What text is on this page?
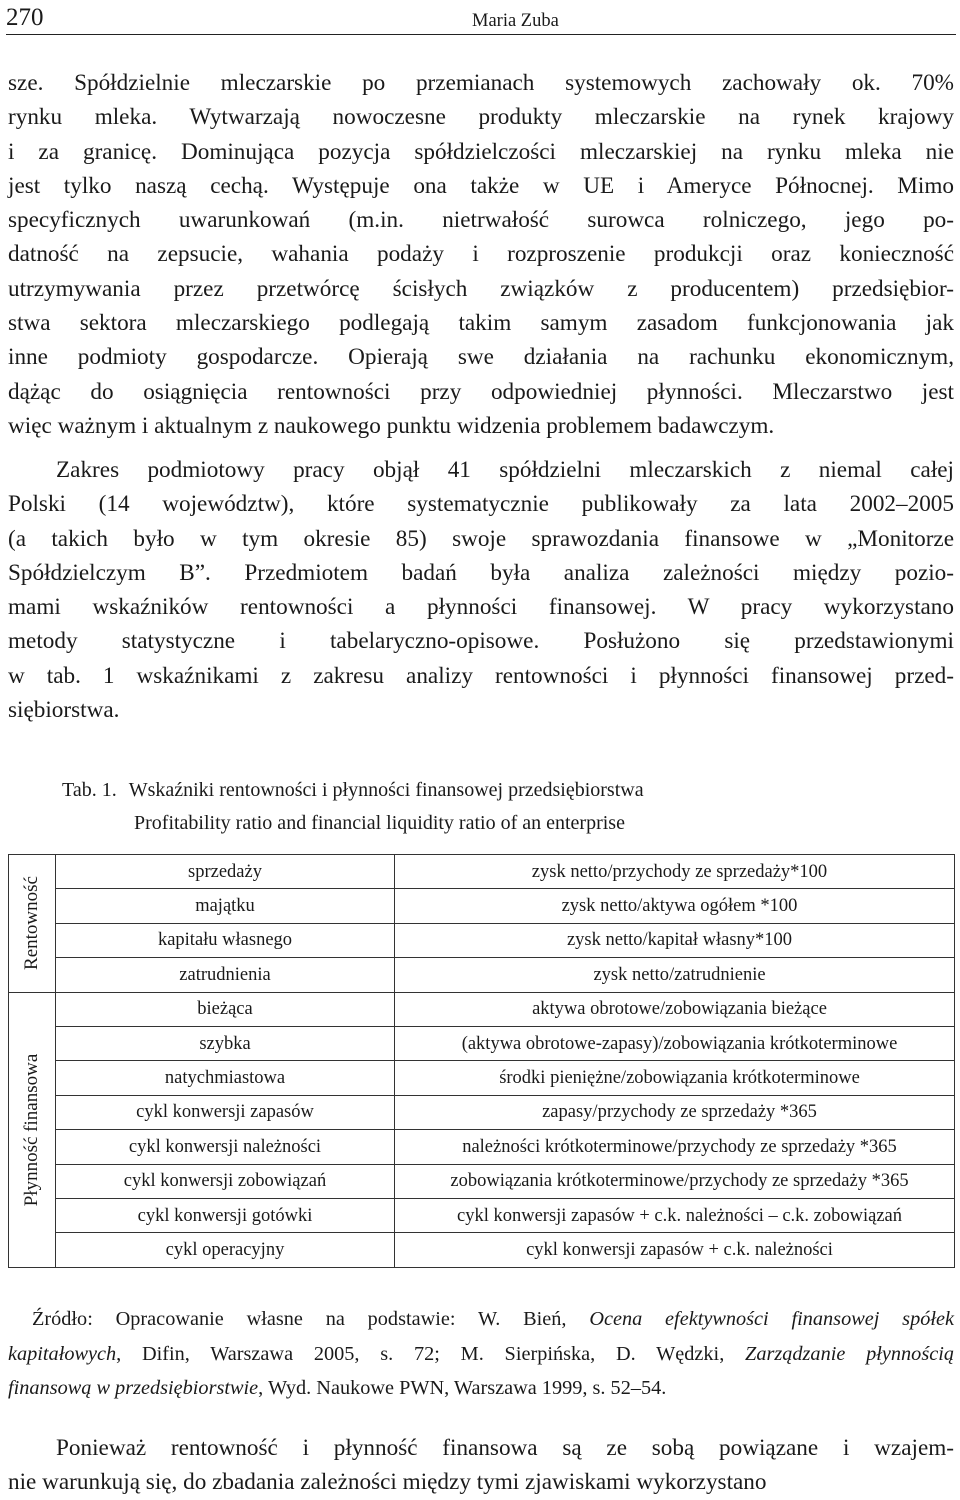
270	Maria Zuba

sze. Spółdzielnie mleczarskie po przemianach systemowych zachowały ok. 70%
rynku mleka. Wytwarzają nowoczesne produkty mleczarskie na rynek krajowy
i za granicę. Dominująca pozycja spółdzielczości mleczarskiej na rynku mleka nie
jest tylko naszą cechą. Występuje ona także w UE i Ameryce Północnej. Mimo
specyficznych uwarunkowań (m.in. nietrwałość surowca rolniczego, jego po-
datność na zepsucie, wahania podaży i rozproszenie produkcji oraz konieczność
utrzymywania przez przetwórcę ścisłych związków z producentem) przedsiębior-
stwa sektora mleczarskiego podlegają takim samym zasadom funkcjonowania jak
inne podmioty gospodarcze. Opierają swe działania na rachunku ekonomicznym,
dążąc do osiągnięcia rentowności przy odpowiedniej płynności. Mleczarstwo jest
więc ważnym i aktualnym z naukowego punktu widzenia problemem badawczym.

Zakres podmiotowy pracy objął 41 spółdzielni mleczarskich z niemal całej
Polski (14 województw), które systematycznie publikowały za lata 2002–2005
(a takich było w tym okresie 85) swoje sprawozdania finansowe w „Monitorze
Spółdzielczym B”. Przedmiotem badań była analiza zależności między pozio-
mami wskaźników rentowności a płynności finansowej. W pracy wykorzystano
metody statystyczne i tabelaryczno-opisowe. Posłużono się przedstawionymi
w tab. 1 wskaźnikami z zakresu analizy rentowności i płynności finansowej przed-
siębiorstwa.

Tab. 1. Wskaźniki rentowności i płynności finansowej przedsiębiorstwa
Profitability ratio and financial liquidity ratio of an enterprise
Rentowność	sprzedaży	zysk netto/przychody ze sprzedaży*100
	majątku	zysk netto/aktywa ogółem *100
	kapitału własnego	zysk netto/kapitał własny*100
	zatrudnienia	zysk netto/zatrudnienie

Płynność finansowa	bieżąca	aktywa obrotowe/zobowiązania bieżące
	szybka	(aktywa obrotowe-zapasy)/zobowiązania krótkoterminowe
	natychmiastowa	środki pieniężne/zobowiązania krótkoterminowe
	cykl konwersji zapasów	zapasy/przychody ze sprzedaży *365
	cykl konwersji należności	należności krótkoterminowe/przychody ze sprzedaży *365
	cykl konwersji zobowiązań	zobowiązania krótkoterminowe/przychody ze sprzedaży *365
	cykl konwersji gotówki	cykl konwersji zapasów + c.k. należności – c.k. zobowiązań
	cykl operacyjny	cykl konwersji zapasów + c.k. należności

Źródło: Opracowanie własne na podstawie: W. Bień, Ocena efektywności finansowej spółek
kapitałowych, Difin, Warszawa 2005, s. 72; M. Sierpińska, D. Wędzki, Zarządzanie płynnością
finansową w przedsiębiorstwie, Wyd. Naukowe PWN, Warszawa 1999, s. 52–54.

Ponieważ rentowność i płynność finansowa są ze sobą powiązane i wzajem-
nie warunkują się, do zbadania zależności między tymi zjawiskami wykorzystano
